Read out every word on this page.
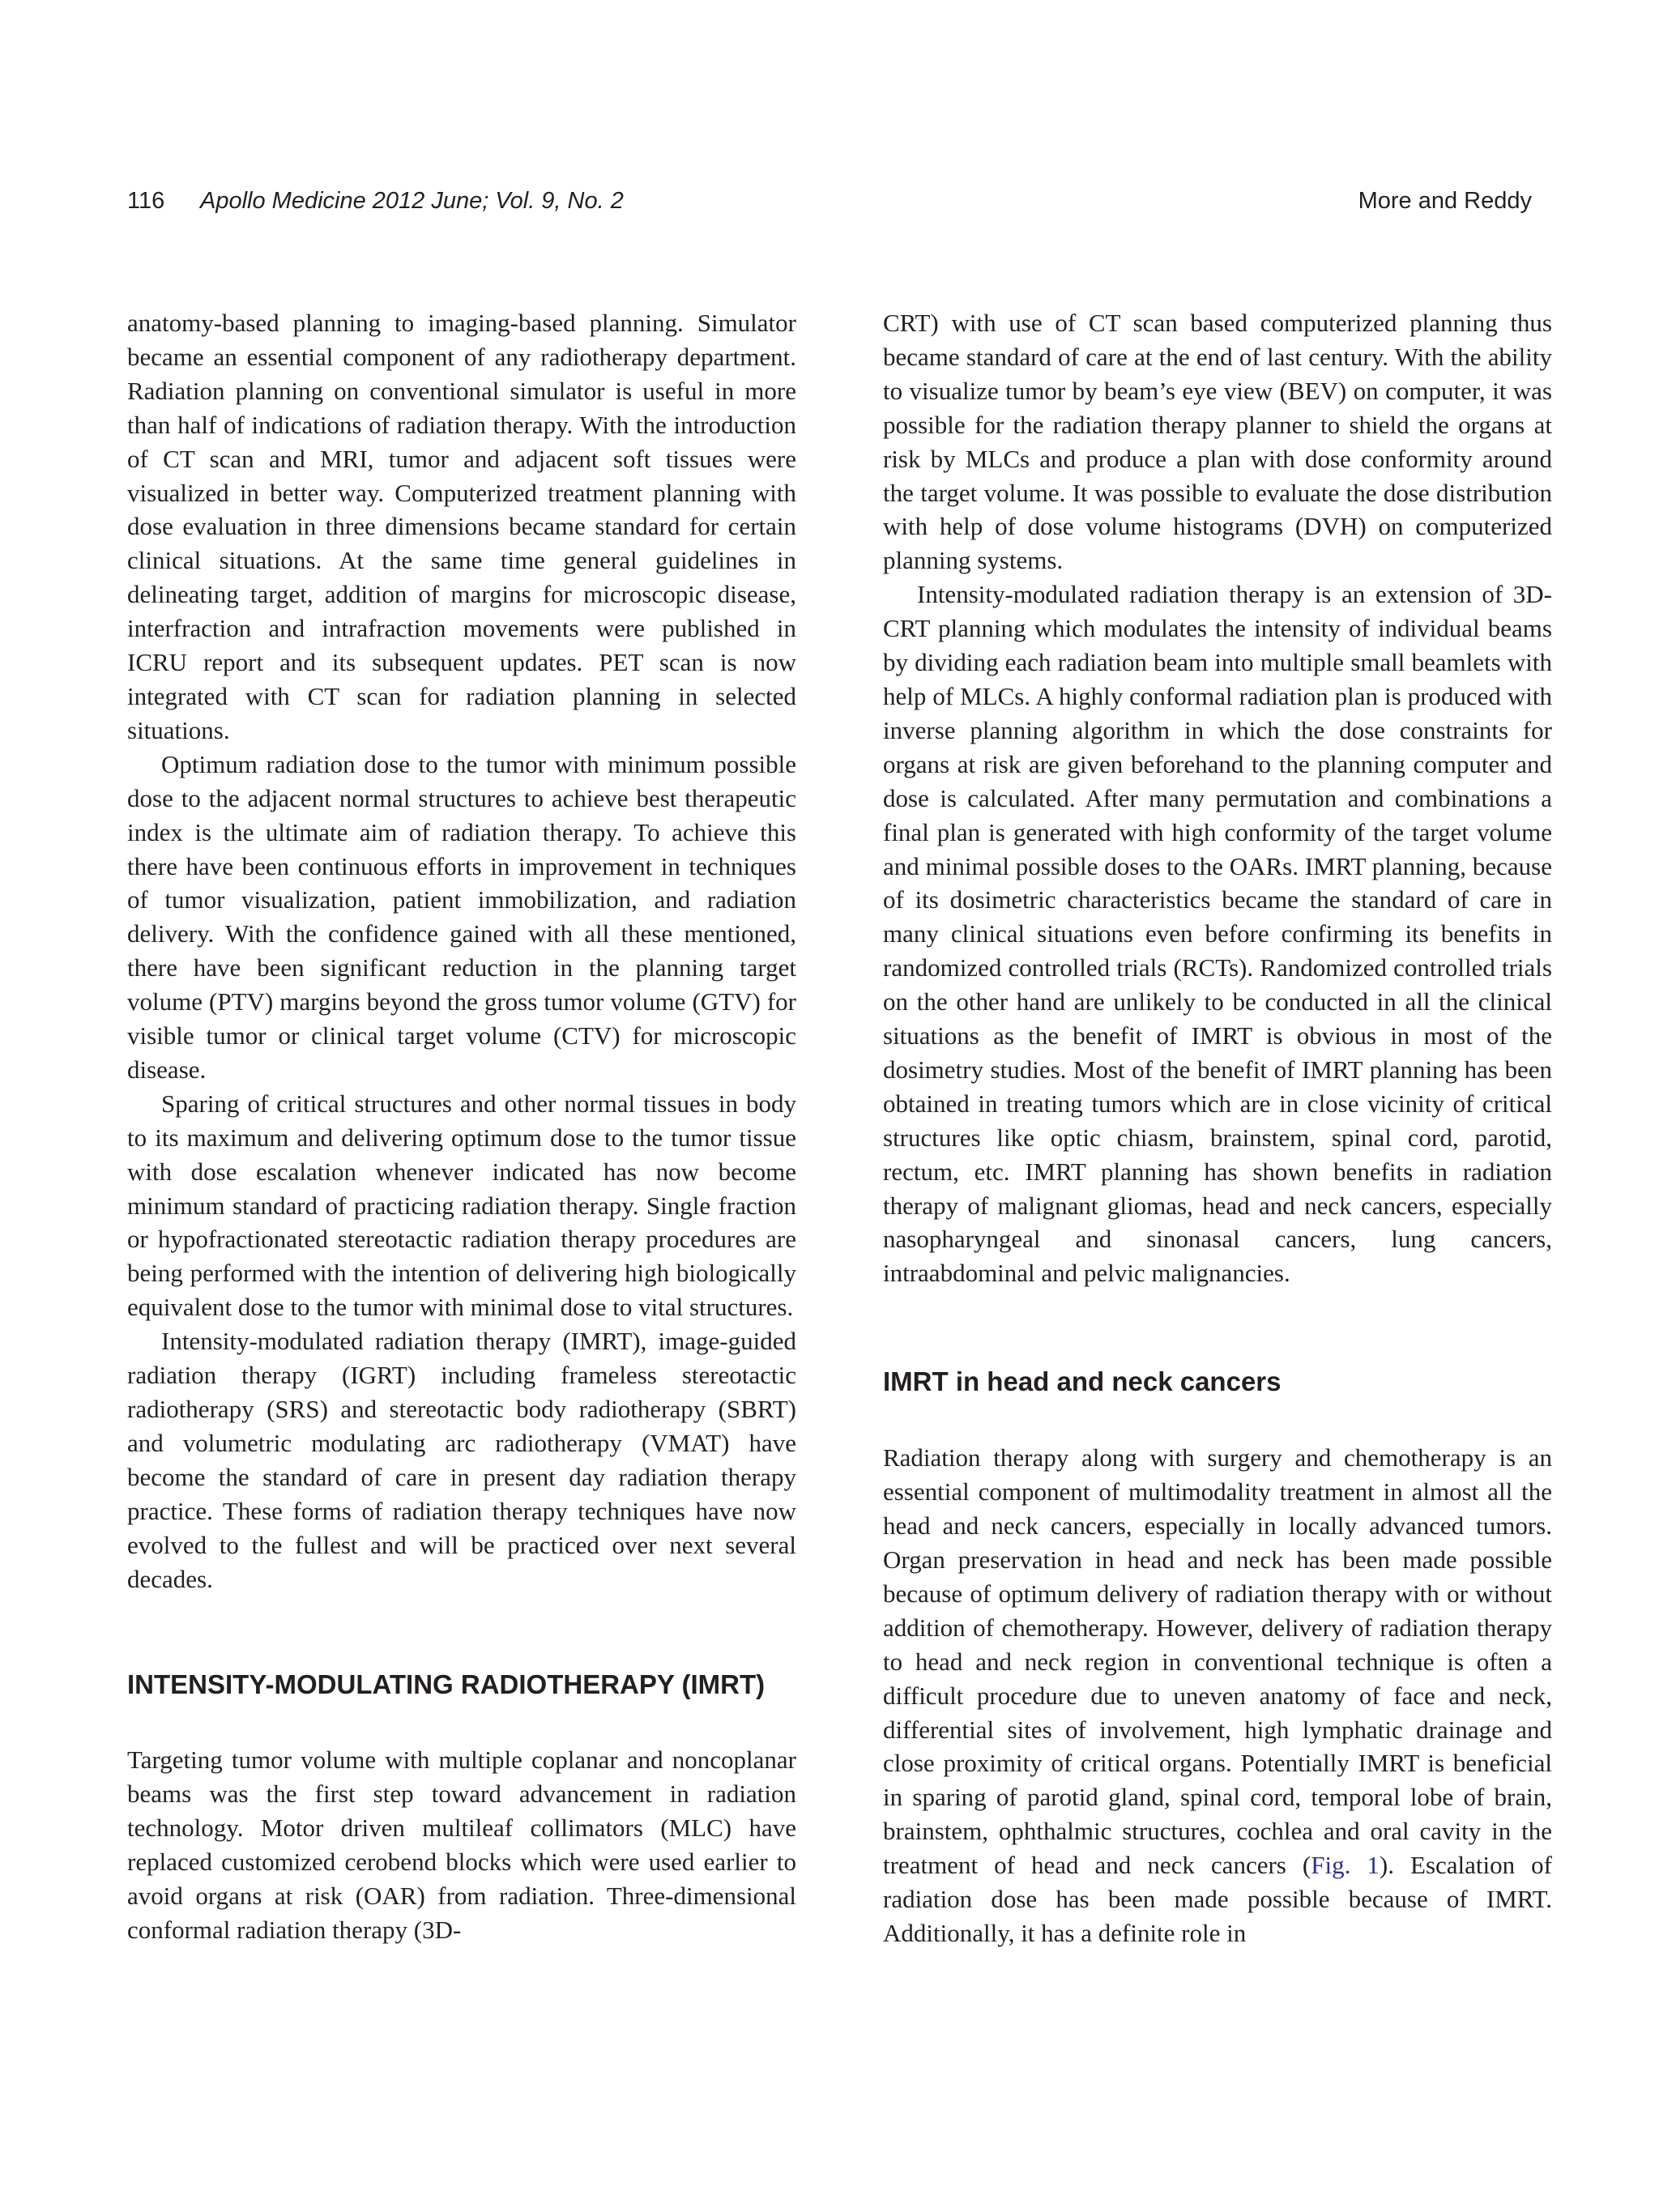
116 Apollo Medicine 2012 June; Vol. 9, No. 2	More and Reddy

anatomy-based planning to imaging-based planning. Simulator became an essential component of any radiotherapy department. Radiation planning on conventional simulator is useful in more than half of indications of radiation therapy. With the introduction of CT scan and MRI, tumor and adjacent soft tissues were visualized in better way. Computerized treatment planning with dose evaluation in three dimensions became standard for certain clinical situations. At the same time general guidelines in delineating target, addition of margins for microscopic disease, interfraction and intrafraction movements were published in ICRU report and its subsequent updates. PET scan is now integrated with CT scan for radiation planning in selected situations.

Optimum radiation dose to the tumor with minimum possible dose to the adjacent normal structures to achieve best therapeutic index is the ultimate aim of radiation therapy. To achieve this there have been continuous efforts in improvement in techniques of tumor visualization, patient immobilization, and radiation delivery. With the confidence gained with all these mentioned, there have been significant reduction in the planning target volume (PTV) margins beyond the gross tumor volume (GTV) for visible tumor or clinical target volume (CTV) for microscopic disease.

Sparing of critical structures and other normal tissues in body to its maximum and delivering optimum dose to the tumor tissue with dose escalation whenever indicated has now become minimum standard of practicing radiation therapy. Single fraction or hypofractionated stereotactic radiation therapy procedures are being performed with the intention of delivering high biologically equivalent dose to the tumor with minimal dose to vital structures.

Intensity-modulated radiation therapy (IMRT), image-guided radiation therapy (IGRT) including frameless stereotactic radiotherapy (SRS) and stereotactic body radiotherapy (SBRT) and volumetric modulating arc radiotherapy (VMAT) have become the standard of care in present day radiation therapy practice. These forms of radiation therapy techniques have now evolved to the fullest and will be practiced over next several decades.

INTENSITY-MODULATING RADIOTHERAPY (IMRT)

Targeting tumor volume with multiple coplanar and noncoplanar beams was the first step toward advancement in radiation technology. Motor driven multileaf collimators (MLC) have replaced customized cerobend blocks which were used earlier to avoid organs at risk (OAR) from radiation. Three-dimensional conformal radiation therapy (3D-

CRT) with use of CT scan based computerized planning thus became standard of care at the end of last century. With the ability to visualize tumor by beam’s eye view (BEV) on computer, it was possible for the radiation therapy planner to shield the organs at risk by MLCs and produce a plan with dose conformity around the target volume. It was possible to evaluate the dose distribution with help of dose volume histograms (DVH) on computerized planning systems.

Intensity-modulated radiation therapy is an extension of 3D-CRT planning which modulates the intensity of individual beams by dividing each radiation beam into multiple small beamlets with help of MLCs. A highly conformal radiation plan is produced with inverse planning algorithm in which the dose constraints for organs at risk are given beforehand to the planning computer and dose is calculated. After many permutation and combinations a final plan is generated with high conformity of the target volume and minimal possible doses to the OARs. IMRT planning, because of its dosimetric characteristics became the standard of care in many clinical situations even before confirming its benefits in randomized controlled trials (RCTs). Randomized controlled trials on the other hand are unlikely to be conducted in all the clinical situations as the benefit of IMRT is obvious in most of the dosimetry studies. Most of the benefit of IMRT planning has been obtained in treating tumors which are in close vicinity of critical structures like optic chiasm, brainstem, spinal cord, parotid, rectum, etc. IMRT planning has shown benefits in radiation therapy of malignant gliomas, head and neck cancers, especially nasopharyngeal and sinonasal cancers, lung cancers, intraabdominal and pelvic malignancies.

IMRT in head and neck cancers

Radiation therapy along with surgery and chemotherapy is an essential component of multimodality treatment in almost all the head and neck cancers, especially in locally advanced tumors. Organ preservation in head and neck has been made possible because of optimum delivery of radiation therapy with or without addition of chemotherapy. However, delivery of radiation therapy to head and neck region in conventional technique is often a difficult procedure due to uneven anatomy of face and neck, differential sites of involvement, high lymphatic drainage and close proximity of critical organs. Potentially IMRT is beneficial in sparing of parotid gland, spinal cord, temporal lobe of brain, brainstem, ophthalmic structures, cochlea and oral cavity in the treatment of head and neck cancers (Fig. 1). Escalation of radiation dose has been made possible because of IMRT. Additionally, it has a definite role in
